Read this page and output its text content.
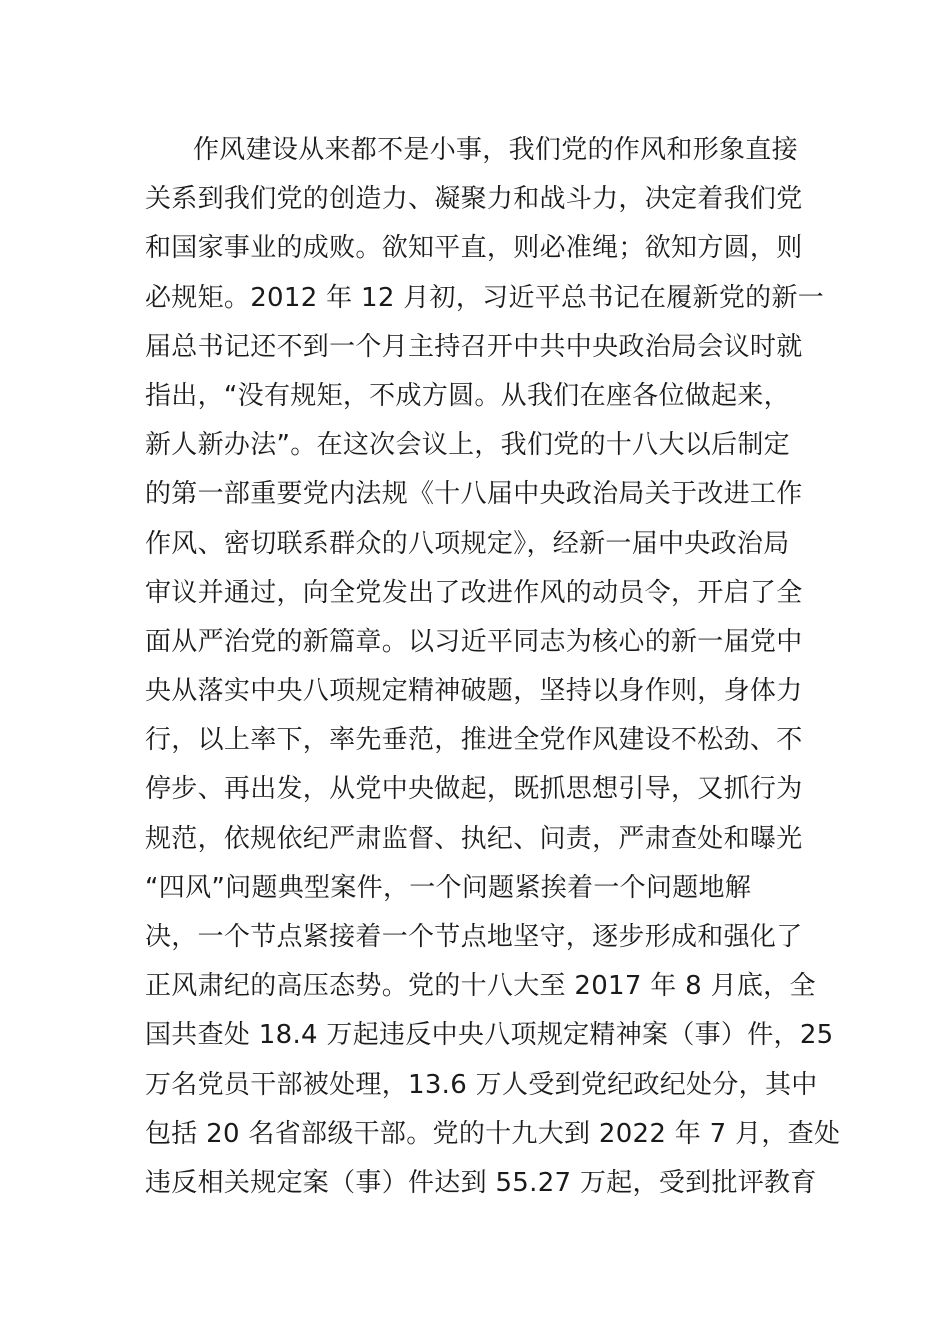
作风建设从来都不是小事，我们党的作风和形象直接
关系到我们党的创造力、凝聚力和战斗力，决定着我们党
和国家事业的成败。欲知平直，则必准绳；欲知方圆，则
必规矩。2012 年 12 月初，习近平总书记在履新党的新一
届总书记还不到一个月主持召开中共中央政治局会议时就
指出，“没有规矩，不成方圆。从我们在座各位做起来，
新人新办法”。在这次会议上，我们党的十八大以后制定
的第一部重要党内法规《十八届中央政治局关于改进工作
作风、密切联系群众的八项规定》，经新一届中央政治局
审议并通过，向全党发出了改进作风的动员令，开启了全
面从严治党的新篇章。以习近平同志为核心的新一届党中
央从落实中央八项规定精神破题，坚持以身作则，身体力
行，以上率下，率先垂范，推进全党作风建设不松劲、不
停步、再出发，从党中央做起，既抓思想引导，又抓行为
规范，依规依纪严肃监督、执纪、问责，严肃查处和曝光
“四风”问题典型案件，一个问题紧挨着一个问题地解
决，一个节点紧接着一个节点地坚守，逐步形成和强化了
正风肃纪的高压态势。党的十八大至 2017 年 8 月底，全
国共查处 18.4 万起违反中央八项规定精神案（事）件，25
万名党员干部被处理，13.6 万人受到党纪政纪处分，其中
包括 20 名省部级干部。党的十九大到 2022 年 7 月，查处
违反相关规定案（事）件达到 55.27 万起，受到批评教育
